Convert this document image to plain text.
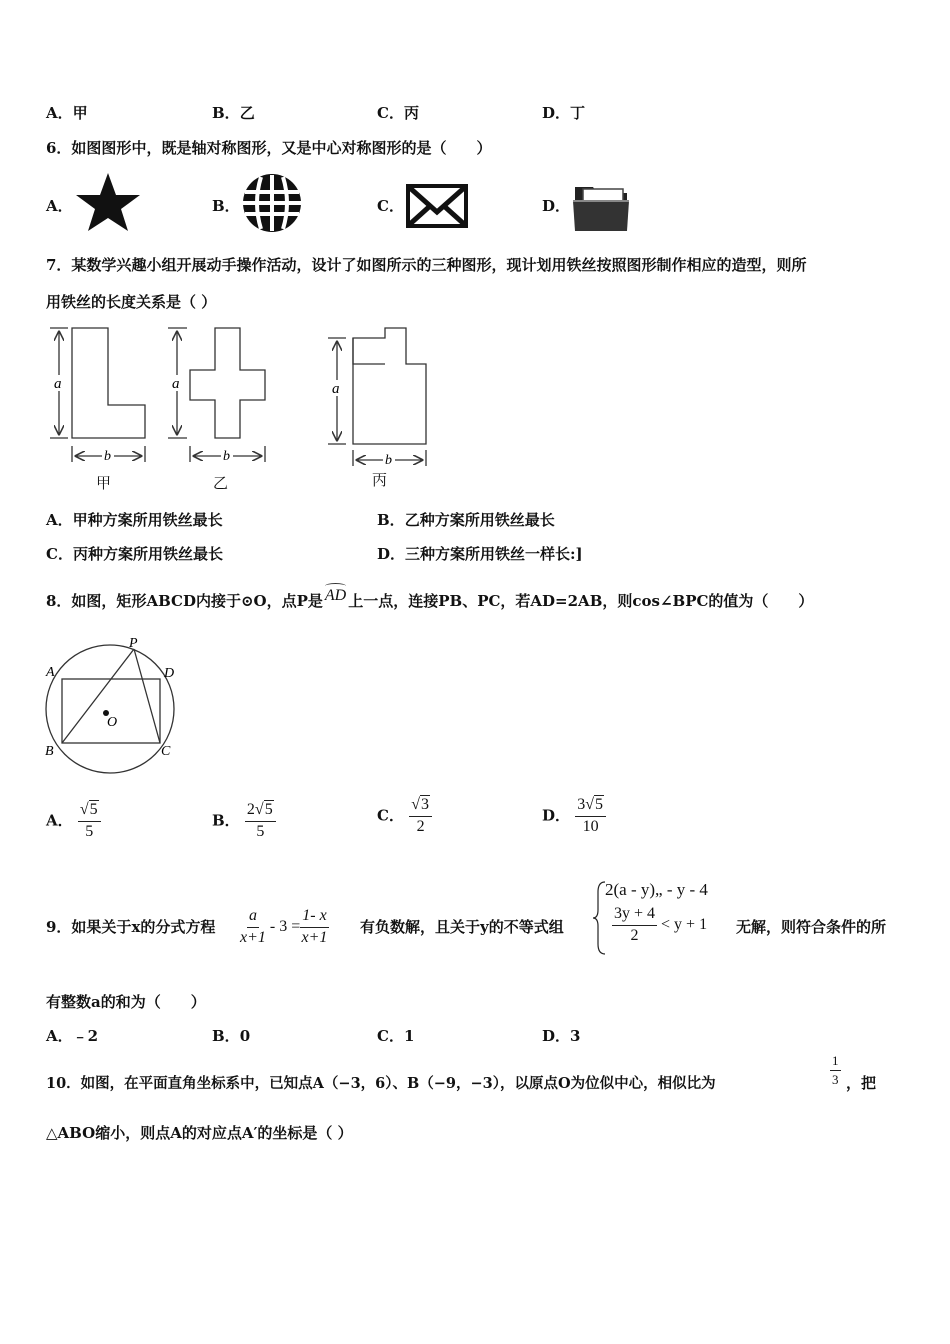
A．甲	B．乙	C．丙	D．丁
6．如图图形中，既是轴对称图形，又是中心对称图形的是（　　）
A．	B．	C．	D．
7．某数学兴趣小组开展动手操作活动，设计了如图所示的三种图形，现计划用铁丝按照图形制作相应的造型，则所
用铁丝的长度关系是（ ）
a	a	a
b	b	b
甲	乙	丙
A．甲种方案所用铁丝最长	B．乙种方案所用铁丝最长
C．丙种方案所用铁丝最长	D．三种方案所用铁丝一样长:]
8．如图，矩形ABCD内接于⊙O，点P是 AD 上一点，连接PB、PC，若AD=2AB，则cos∠BPC的值为（　　）
A
P
D
O
B	C
A． $\frac{√5}{5}$	B． $\frac{2√5}{5}$	C． $\frac{√3}{2}$	D． $\frac{3√5}{10}$
9．如果关于x的分式方程 $\frac{a}{x+1} - 3 = \frac{1- x}{x+1}$ 有负数解，且关于y的不等式组
2(a - y)„ - y - 4
$\frac{3y + 4}{2} < y + 1$ 无解，则符合条件的所
有整数a的和为（　　）
A．﹣2	B．0	C．1	D．3
10．如图，在平面直角坐标系中，已知点A（−3，6）、B（−9，−3），以原点O为位似中心，相似比为	$\frac{1}{3}$ ，把
△ABO缩小，则点A的对应点A′的坐标是（ ）
